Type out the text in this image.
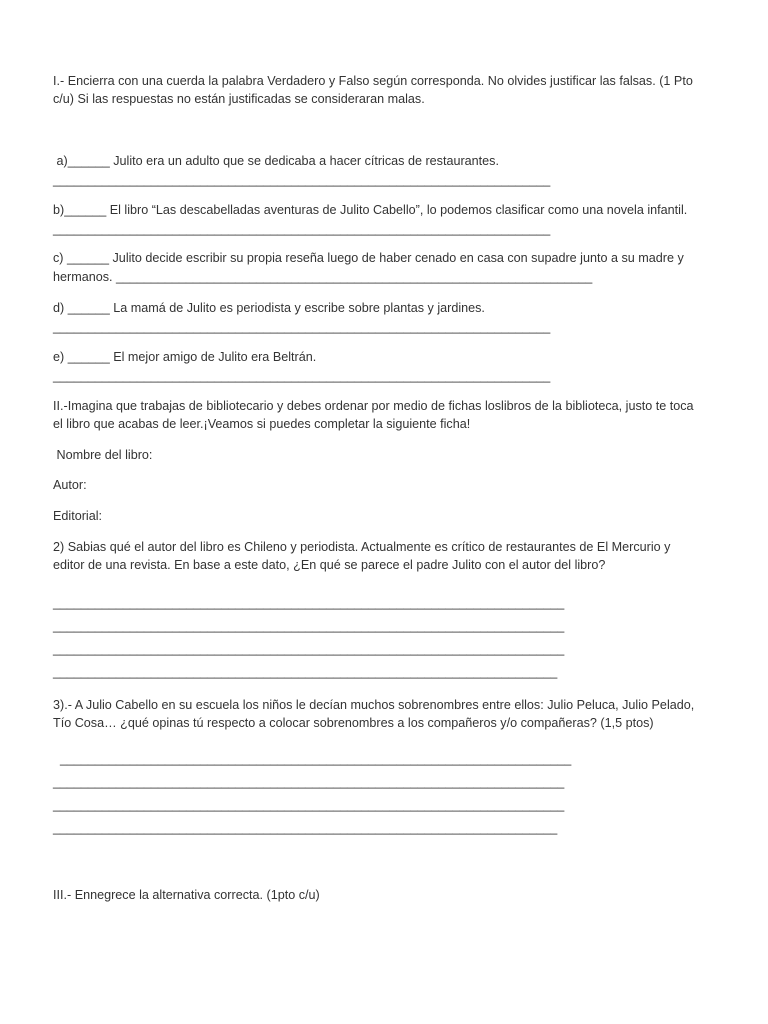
I.- Encierra con una cuerda la palabra Verdadero y Falso según corresponda. No olvides justificar las falsas. (1 Pto
c/u) Si las respuestas no están justificadas se consideraran malas.
a)______ Julito era un adulto que se dedicaba a hacer cítricas de restaurantes.
_______________________________________________________________________
b)______ El libro “Las descabelladas aventuras de Julito Cabello”, lo podemos clasificar como una novela infantil.
_______________________________________________________________________
c) ______ Julito decide escribir su propia reseña luego de haber cenado en casa con supadre junto a su madre y
hermanos. ____________________________________________________________________
d) ______ La mamá de Julito es periodista y escribe sobre plantas y jardines.
_______________________________________________________________________
e) ______ El mejor amigo de Julito era Beltrán.
_______________________________________________________________________
II.-Imagina que trabajas de bibliotecario y debes ordenar por medio de fichas loslibros de la biblioteca, justo te toca
el libro que acabas de leer.¡Veamos si puedes completar la siguiente ficha!
Nombre del libro:
Autor:
Editorial:
2) Sabias qué el autor del libro es Chileno y periodista. Actualmente es crítico de restaurantes de El Mercurio y
editor de una revista. En base a este dato, ¿En qué se parece el padre Julito con el autor del libro?
_________________________________________________________________________
_________________________________________________________________________
_________________________________________________________________________
________________________________________________________________________
3).- A Julio Cabello en su escuela los niños le decían muchos sobrenombres entre ellos: Julio Peluca, Julio Pelado,
Tío Cosa… ¿qué opinas tú respecto a colocar sobrenombres a los compañeros y/o compañeras? (1,5 ptos)
_________________________________________________________________________
_________________________________________________________________________
_________________________________________________________________________
________________________________________________________________________
III.- Ennegrece la alternativa correcta. (1pto c/u)
